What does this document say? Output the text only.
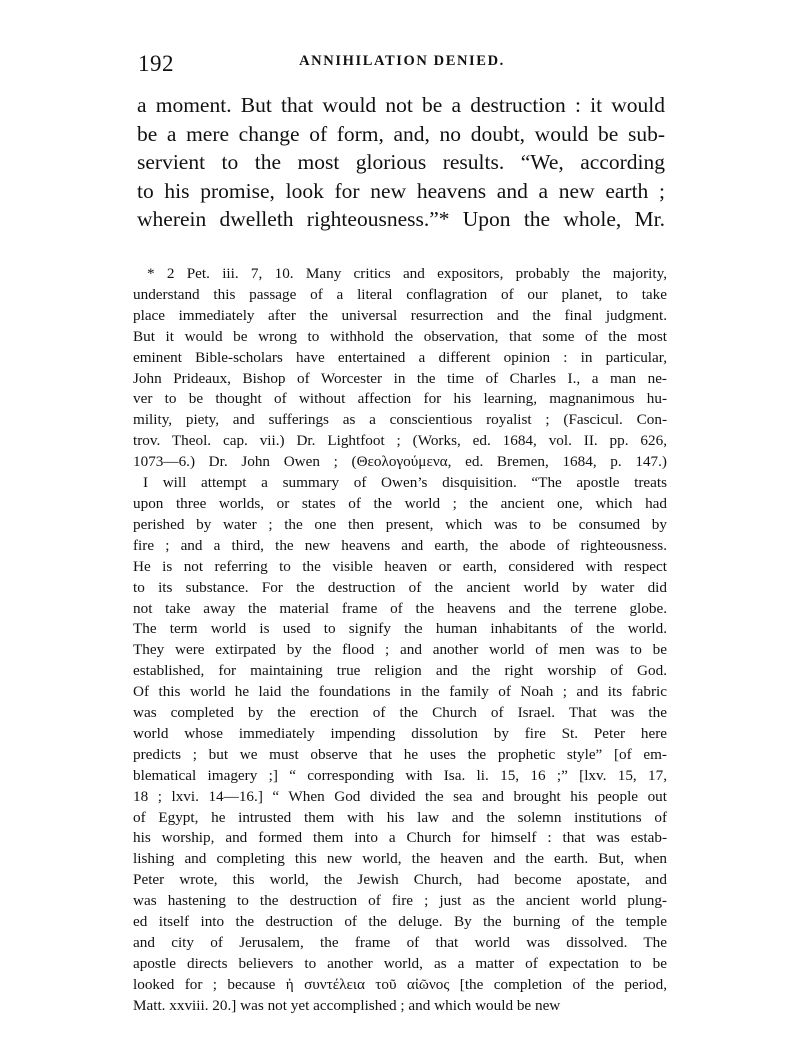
192	ANNIHILATION DENIED.
a moment. But that would not be a destruction : it would
be a mere change of form, and, no doubt, would be sub-
servient to the most glorious results. “We, according
to his promise, look for new heavens and a new earth ;
wherein dwelleth righteousness.”* Upon the whole, Mr.
* 2 Pet. iii. 7, 10. Many critics and expositors, probably the majority,
understand this passage of a literal conflagration of our planet, to take
place immediately after the universal resurrection and the final judgment.
But it would be wrong to withhold the observation, that some of the most
eminent Bible-scholars have entertained a different opinion : in particular,
John Prideaux, Bishop of Worcester in the time of Charles I., a man ne-
ver to be thought of without affection for his learning, magnanimous hu-
mility, piety, and sufferings as a conscientious royalist ; (Fascicul. Con-
trov. Theol. cap. vii.) Dr. Lightfoot ; (Works, ed. 1684, vol. II. pp. 626,
1073—6.) Dr. John Owen ; (Θεολογούμενα, ed. Bremen, 1684, p. 147.)
I will attempt a summary of Owen’s disquisition. “The apostle treats
upon three worlds, or states of the world ; the ancient one, which had
perished by water ; the one then present, which was to be consumed by
fire ; and a third, the new heavens and earth, the abode of righteousness.
He is not referring to the visible heaven or earth, considered with respect
to its substance. For the destruction of the ancient world by water did
not take away the material frame of the heavens and the terrene globe.
The term world is used to signify the human inhabitants of the world.
They were extirpated by the flood ; and another world of men was to be
established, for maintaining true religion and the right worship of God.
Of this world he laid the foundations in the family of Noah ; and its fabric
was completed by the erection of the Church of Israel. That was the
world whose immediately impending dissolution by fire St. Peter here
predicts ; but we must observe that he uses the prophetic style” [of em-
blematical imagery ;] “ corresponding with Isa. li. 15, 16 ;” [lxv. 15, 17,
18 ; lxvi. 14—16.] “ When God divided the sea and brought his people out
of Egypt, he intrusted them with his law and the solemn institutions of
his worship, and formed them into a Church for himself : that was estab-
lishing and completing this new world, the heaven and the earth. But, when
Peter wrote, this world, the Jewish Church, had become apostate, and
was hastening to the destruction of fire ; just as the ancient world plung-
ed itself into the destruction of the deluge. By the burning of the temple
and city of Jerusalem, the frame of that world was dissolved. The
apostle directs believers to another world, as a matter of expectation to be
looked for ; because ἡ συντέλεια τοῦ αἰῶνος [the completion of the period,
Matt. xxviii. 20.] was not yet accomplished ; and which would be new
